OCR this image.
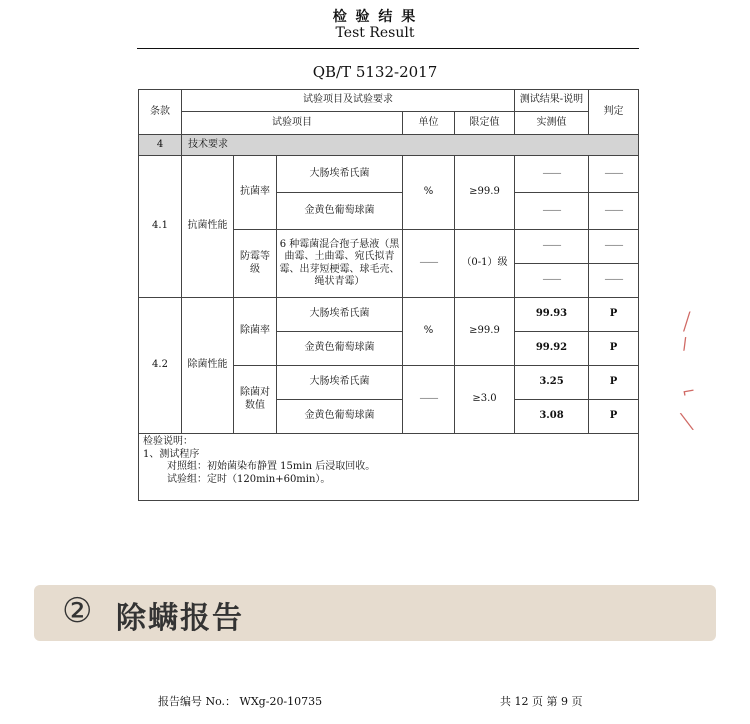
检 验 结 果
Test Result
QB/T 5132-2017
条款	试验项目及试验要求					测试结果-说明	判定
	试验项目			单位	限定值	实测值	
4	技术要求						
4.1	抗菌性能	抗菌率	大肠埃希氏菌	%	≥99.9	——	——
			金黄色葡萄球菌			——	——
		防霉等级	6 种霉菌混合孢子悬液（黑曲霉、土曲霉、宛氏拟青霉、出芽短梗霉、球毛壳、绳状青霉）	——	（0-1）级	——	——
						——	——
4.2	除菌性能	除菌率	大肠埃希氏菌	%	≥99.9	99.93	P
			金黄色葡萄球菌			99.92	P
		除菌对数值	大肠埃希氏菌	——	≥3.0	3.25	P
			金黄色葡萄球菌			3.08	P

检验说明：
1、测试程序
对照组：初始菌染布静置 15min 后浸取回收。
试验组：定时（120min+60min）。							
╱
∕
⌐
╲
② 除螨报告
报告编号 No.： WXg-20-10735	共 12 页 第 9 页
